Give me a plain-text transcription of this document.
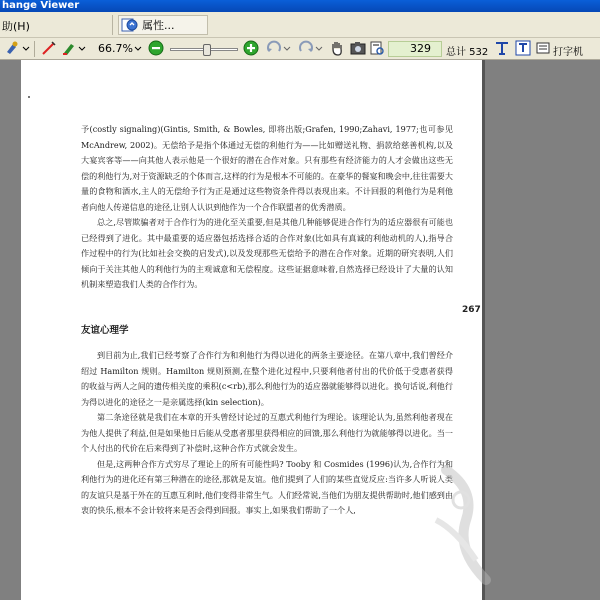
hange Viewer
助(H)	属性...
66.7%	329	总计 532	打字机

予(costly signaling)(Gintis, Smith, & Bowles, 即将出版;Grafen, 1990;Zahavi, 1977;也可参见 McAndrew, 2002)。无偿给予是指个体通过无偿的利他行为——比如赠送礼物、捐款给慈善机构,以及大宴宾客等——向其他人表示他是一个很好的潜在合作对象。只有那些有经济能力的人才会做出这些无偿的利他行为,对于资源缺乏的个体而言,这样的行为是根本不可能的。在豪华的餐宴和晚会中,往往需要大量的食物和酒水,主人的无偿给予行为正是通过这些物资条件得以表现出来。不计回报的利他行为是利他者向他人传递信息的途径,让别人认识到他作为一个合作联盟者的优秀潜质。

总之,尽管欺骗者对于合作行为的进化至关重要,但是其他几种能够促进合作行为的适应器很有可能也已经得到了进化。其中最重要的适应器包括选择合适的合作对象(比如具有真诚的利他动机的人),指导合作过程中的行为(比如社会交换的启发式),以及发现那些无偿给予的潜在合作对象。近期的研究表明,人们倾向于关注其他人的利他行为的主观诚意和无偿程度。这些证据意味着,自然选择已经设计了大量的认知机制来塑造我们人类的合作行为。

友谊心理学

到目前为止,我们已经考察了合作行为和利他行为得以进化的两条主要途径。在第八章中,我们曾经介绍过 Hamilton 规则。Hamilton 规则预测,在整个进化过程中,只要利他者付出的代价低于受惠者获得的收益与两人之间的遗传相关度的乘积(c<rb),那么利他行为的适应器就能够得以进化。换句话说,利他行为得以进化的途径之一是亲属选择(kin selection)。

第二条途径就是我们在本章的开头曾经讨论过的互惠式利他行为理论。该理论认为,虽然利他者现在为他人提供了利益,但是如果他日后能从受惠者那里获得相应的回馈,那么利他行为就能够得以进化。当一个人付出的代价在后来得到了补偿时,这种合作方式就会发生。

但是,这两种合作方式穷尽了理论上的所有可能性吗? Tooby 和 Cosmides (1996)认为,合作行为和利他行为的进化还有第三种潜在的途径,那就是友谊。他们提到了人们的某些直觉反应:当许多人听说人类的友谊只是基于外在的互惠互利时,他们变得非常生气。人们经常说,当他们为朋友提供帮助时,他们感到由衷的快乐,根本不会计较将来是否会得到回报。事实上,如果我们帮助了一个人,

267
